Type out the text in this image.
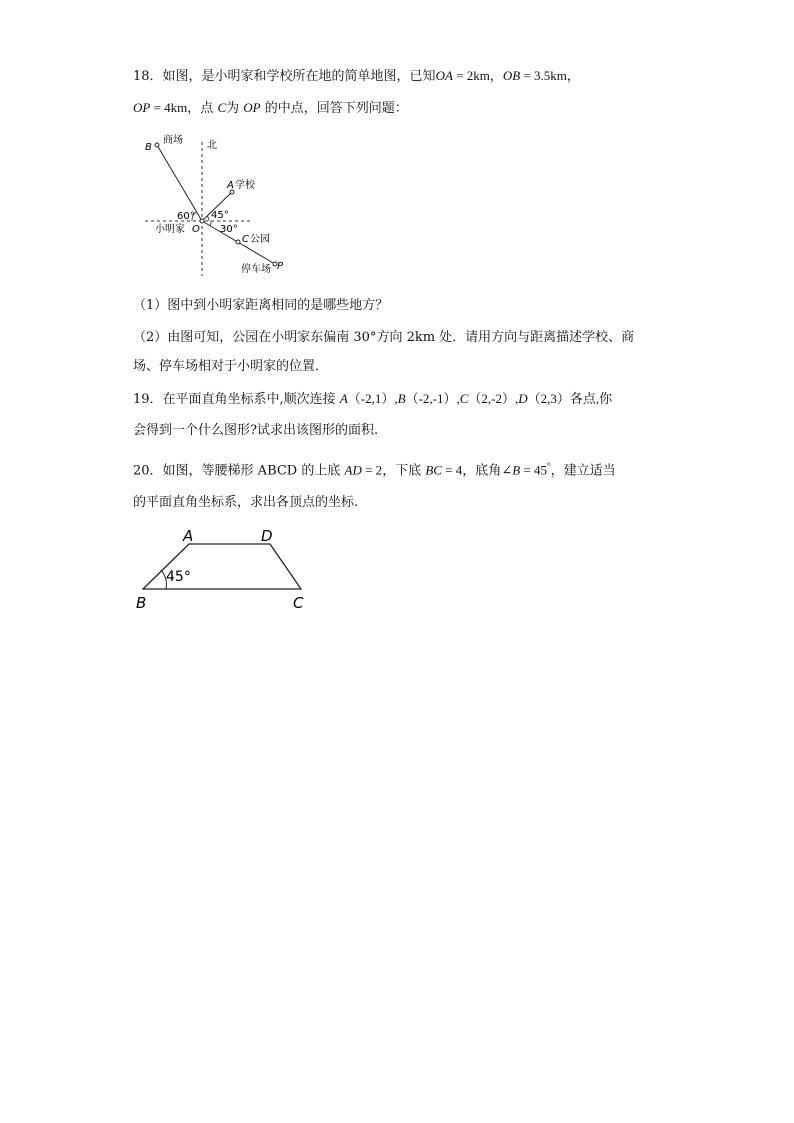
18．如图，是小明家和学校所在地的简单地图，已知OA = 2km，OB = 3.5km，
OP = 4km，点 C为 OP 的中点，回答下列问题：
北
B
商场
A 学校
60° 45°
30°
O
小明家
C 公园
停车场 P
（1）图中到小明家距离相同的是哪些地方？
（2）由图可知，公园在小明家东偏南 30°方向 2km 处．请用方向与距离描述学校、商
场、停车场相对于小明家的位置．
19．在平面直角坐标系中,顺次连接 A（-2,1）,B（-2,-1）,C（2,-2）,D（2,3）各点,你
会得到一个什么图形?试求出该图形的面积.
20．如图，等腰梯形 ABCD 的上底 AD = 2，下底 BC = 4，底角∠B = 45°，建立适当
的平面直角坐标系，求出各顶点的坐标.
A	D
B	C
45°
